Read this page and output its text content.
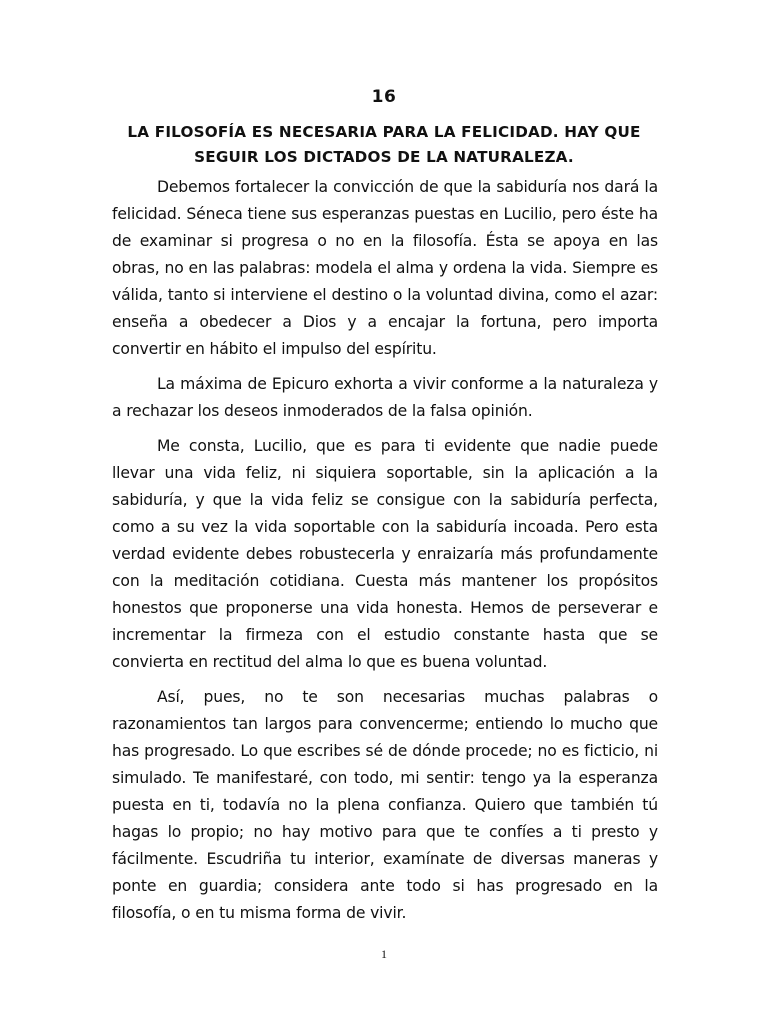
16
LA FILOSOFÍA ES NECESARIA PARA LA FELICIDAD. HAY QUE SEGUIR LOS DICTADOS DE LA NATURALEZA.

Debemos fortalecer la convicción de que la sabiduría nos dará la felicidad. Séneca tiene sus esperanzas puestas en Lucilio, pero éste ha de examinar si progresa o no en la filosofía. Ésta se apoya en las obras, no en las palabras: modela el alma y ordena la vida. Siempre es válida, tanto si interviene el destino o la voluntad divina, como el azar: enseña a obedecer a Dios y a encajar la fortuna, pero importa convertir en hábito el impulso del espíritu.

La máxima de Epicuro exhorta a vivir conforme a la naturaleza y a rechazar los deseos inmoderados de la falsa opinión.

Me consta, Lucilio, que es para ti evidente que nadie puede llevar una vida feliz, ni siquiera soportable, sin la aplicación a la sabiduría, y que la vida feliz se consigue con la sabiduría perfecta, como a su vez la vida soportable con la sabiduría incoada. Pero esta verdad evidente debes robustecerla y enraizaría más profundamente con la meditación cotidiana. Cuesta más mantener los propósitos honestos que proponerse una vida honesta. Hemos de perseverar e incrementar la firmeza con el estudio constante hasta que se convierta en rectitud del alma lo que es buena voluntad.

Así, pues, no te son necesarias muchas palabras o razonamientos tan largos para convencerme; entiendo lo mucho que has progresado. Lo que escribes sé de dónde procede; no es ficticio, ni simulado. Te manifestaré, con todo, mi sentir: tengo ya la esperanza puesta en ti, todavía no la plena confianza. Quiero que también tú hagas lo propio; no hay motivo para que te confíes a ti presto y fácilmente. Escudriña tu interior, examínate de diversas maneras y ponte en guardia; considera ante todo si has progresado en la filosofía, o en tu misma forma de vivir.

1
